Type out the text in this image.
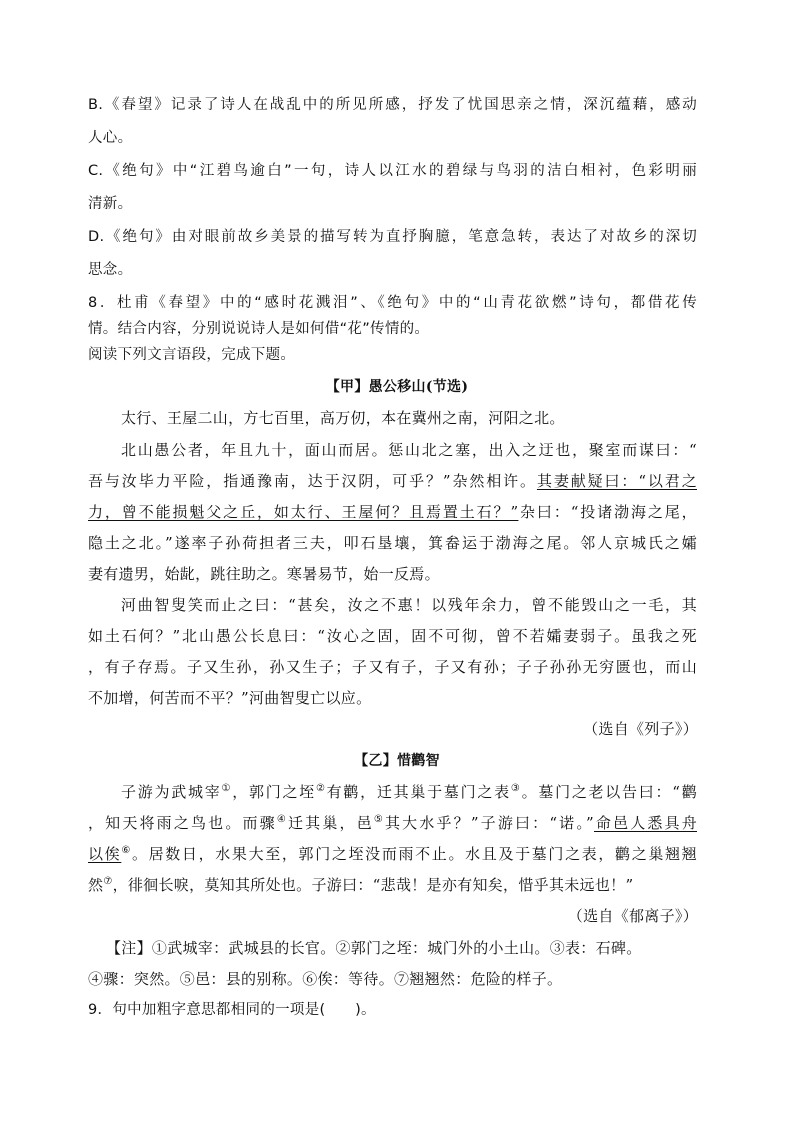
B.《春望》记录了诗人在战乱中的所见所感，抒发了忧国思亲之情，深沉蕴藉，感动
人心。
C.《绝句》中“江碧鸟逾白”一句，诗人以江水的碧绿与鸟羽的洁白相衬，色彩明丽
清新。
D.《绝句》由对眼前故乡美景的描写转为直抒胸臆，笔意急转，表达了对故乡的深切
思念。
8．杜甫《春望》中的“感时花溅泪”、《绝句》中的“山青花欲燃”诗句，都借花传
情。结合内容，分别说说诗人是如何借“花”传情的。
阅读下列文言语段，完成下题。
【甲】愚公移山(节选)
太行、王屋二山，方七百里，高万仞，本在冀州之南，河阳之北。
北山愚公者，年且九十，面山而居。惩山北之塞，出入之迂也，聚室而谋曰：“
吾与汝毕力平险，指通豫南，达于汉阴，可乎？”杂然相许。其妻献疑曰：“以君之
力，曾不能损魁父之丘，如太行、王屋何？且焉置土石？”杂曰：“投诸渤海之尾，
隐土之北。”遂率子孙荷担者三夫，叩石垦壤，箕畚运于渤海之尾。邻人京城氏之孀
妻有遗男，始龀，跳往助之。寒暑易节，始一反焉。
河曲智叟笑而止之曰：“甚矣，汝之不惠！以残年余力，曾不能毁山之一毛，其
如土石何？”北山愚公长息曰：“汝心之固，固不可彻，曾不若孀妻弱子。虽我之死
，有子存焉。子又生孙，孙又生子；子又有子，子又有孙；子子孙孙无穷匮也，而山
不加增，何苦而不平？”河曲智叟亡以应。
（选自《列子》）
【乙】惜鹳智
子游为武城宰①，郭门之垤②有鹳，迁其巢于墓门之表③。墓门之老以告曰：“鹳
，知天将雨之鸟也。而骤④迁其巢，邑⑤其大水乎？”子游曰：“诺。”命邑人悉具舟
以俟⑥。居数日，水果大至，郭门之垤没而雨不止。水且及于墓门之表，鹳之巢翘翘
然⑦，徘徊长唳，莫知其所处也。子游曰：“悲哉！是亦有知矣，惜乎其未远也！”
（选自《郁离子》）
【注】①武城宰：武城县的长官。②郭门之垤：城门外的小土山。③表：石碑。
④骤：突然。⑤邑：县的别称。⑥俟：等待。⑦翘翘然：危险的样子。
9．句中加粗字意思都相同的一项是(　　)。
